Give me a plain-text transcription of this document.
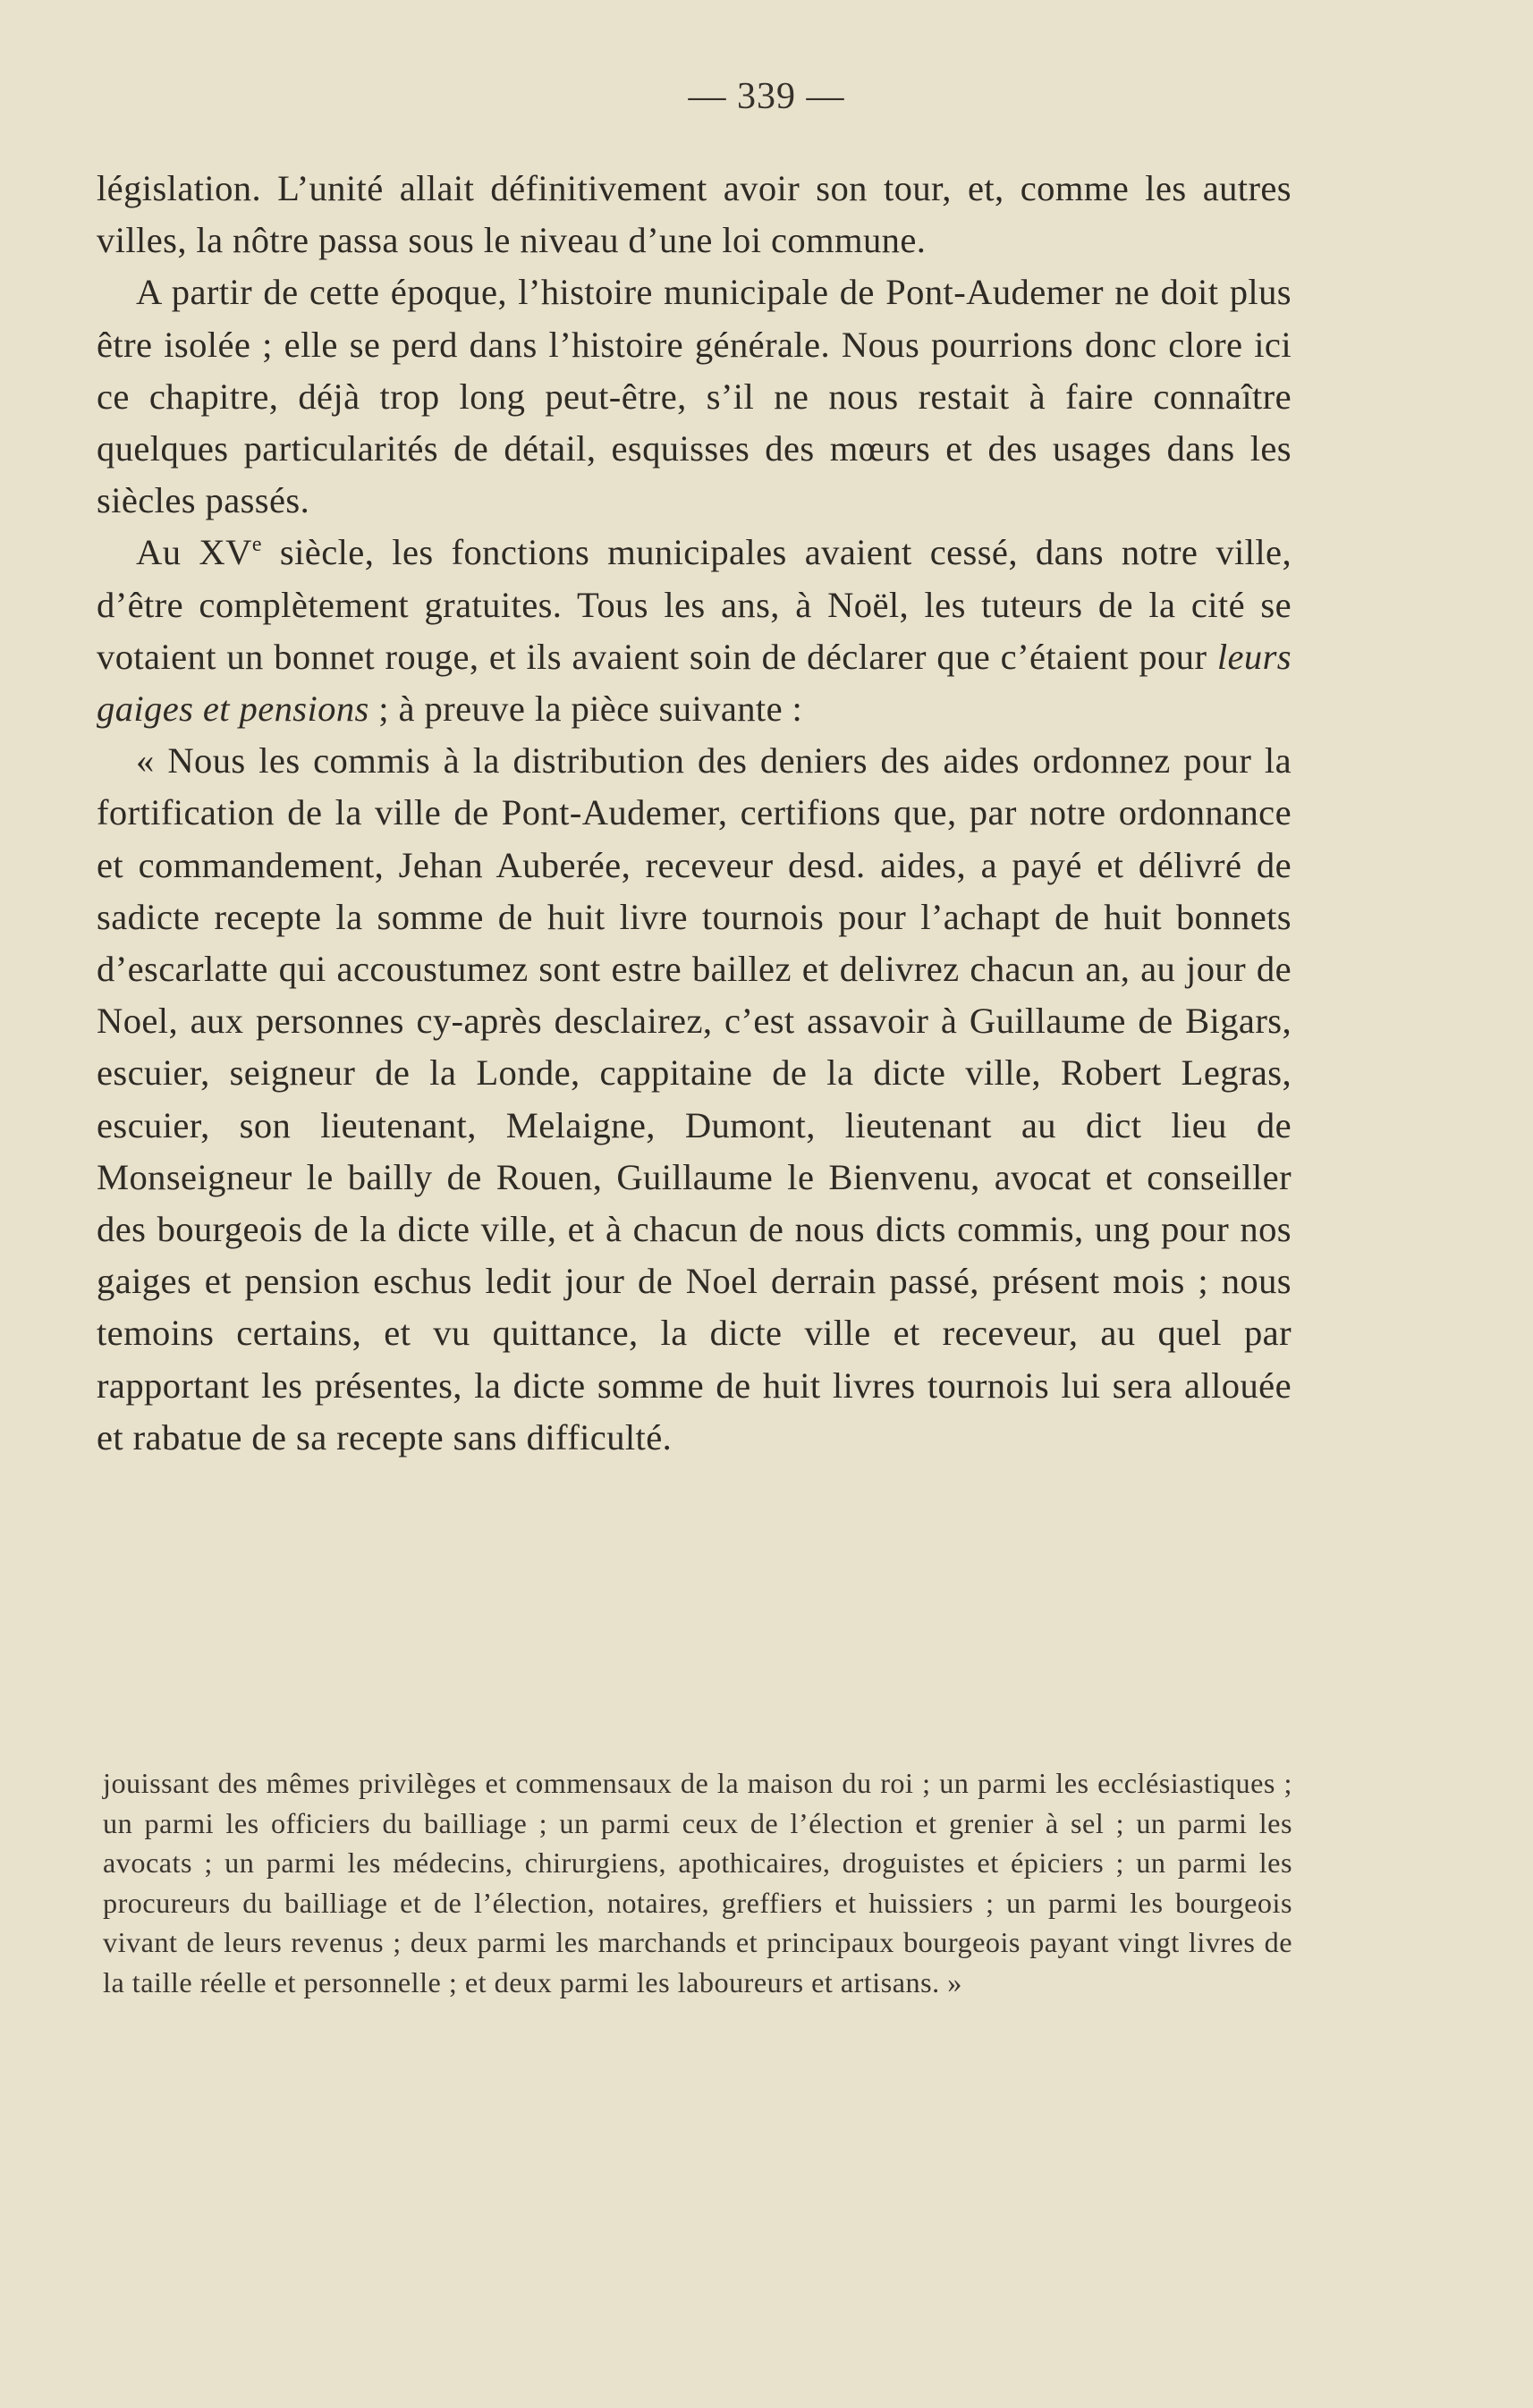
— 339 —

législation. L’unité allait définitivement avoir son tour, et, comme les autres villes, la nôtre passa sous le niveau d’une loi commune.

A partir de cette époque, l’histoire municipale de Pont-Audemer ne doit plus être isolée ; elle se perd dans l’histoire générale. Nous pourrions donc clore ici ce chapitre, déjà trop long peut-être, s’il ne nous restait à faire connaître quelques particularités de détail, esquisses des mœurs et des usages dans les siècles passés.

Au XVe siècle, les fonctions municipales avaient cessé, dans notre ville, d’être complètement gratuites. Tous les ans, à Noël, les tuteurs de la cité se votaient un bonnet rouge, et ils avaient soin de déclarer que c’étaient pour leurs gaiges et pensions ; à preuve la pièce suivante :

« Nous les commis à la distribution des deniers des aides ordonnez pour la fortification de la ville de Pont-Audemer, certifions que, par notre ordonnance et commandement, Jehan Auberée, receveur desd. aides, a payé et délivré de sadicte recepte la somme de huit livre tournois pour l’achapt de huit bonnets d’escarlatte qui accoustumez sont estre baillez et delivrez chacun an, au jour de Noel, aux personnes cy-après desclairez, c’est assavoir à Guillaume de Bigars, escuier, seigneur de la Londe, cappitaine de la dicte ville, Robert Legras, escuier, son lieutenant, Melaigne, Dumont, lieutenant au dict lieu de Monseigneur le bailly de Rouen, Guillaume le Bienvenu, avocat et conseiller des bourgeois de la dicte ville, et à chacun de nous dicts commis, ung pour nos gaiges et pension eschus ledit jour de Noel derrain passé, présent mois ; nous temoins certains, et vu quittance, la dicte ville et receveur, au quel par rapportant les présentes, la dicte somme de huit livres tournois lui sera allouée et rabatue de sa recepte sans difficulté.

jouissant des mêmes privilèges et commensaux de la maison du roi ; un parmi les ecclésiastiques ; un parmi les officiers du bailliage ; un parmi ceux de l’élection et grenier à sel ; un parmi les avocats ; un parmi les médecins, chirurgiens, apothicaires, droguistes et épiciers ; un parmi les procureurs du bailliage et de l’élection, notaires, greffiers et huissiers ; un parmi les bourgeois vivant de leurs revenus ; deux parmi les marchands et principaux bourgeois payant vingt livres de la taille réelle et personnelle ; et deux parmi les laboureurs et artisans. »
